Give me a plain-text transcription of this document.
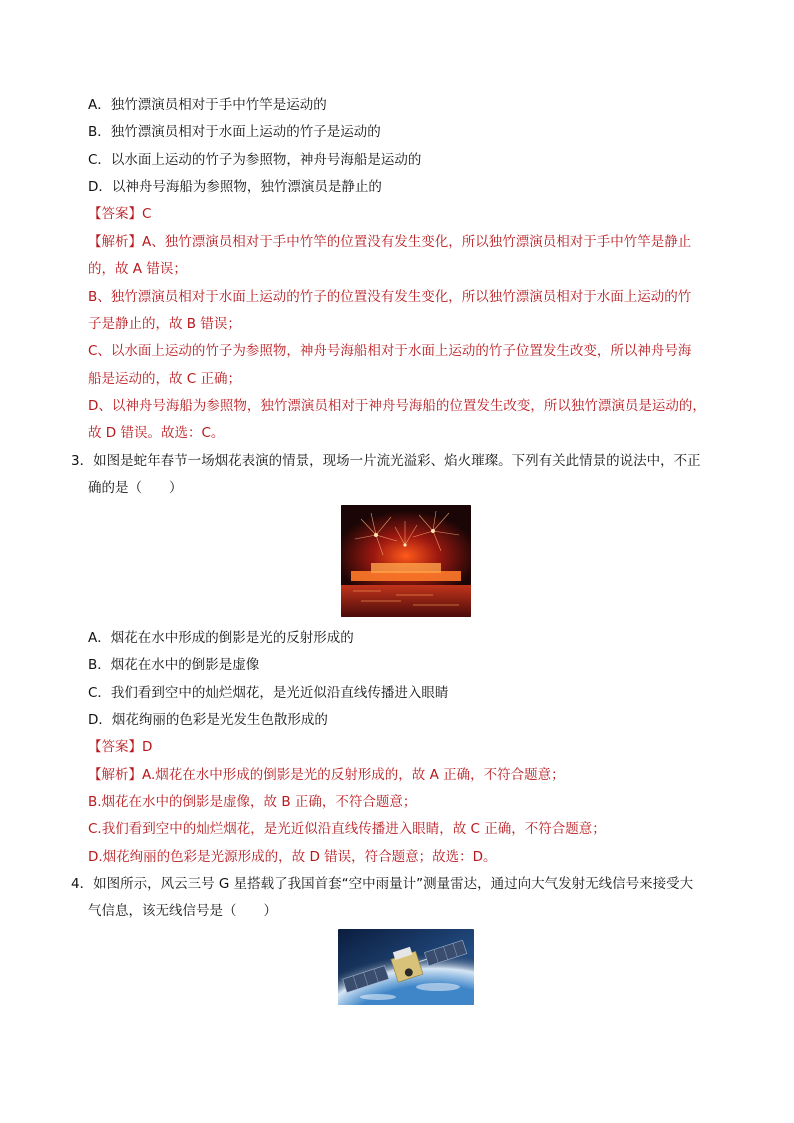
A．独竹漂演员相对于手中竹竿是运动的
B．独竹漂演员相对于水面上运动的竹子是运动的
C．以水面上运动的竹子为参照物，神舟号海船是运动的
D．以神舟号海船为参照物，独竹漂演员是静止的
【答案】C
【解析】A、独竹漂演员相对于手中竹竿的位置没有发生变化，所以独竹漂演员相对于手中竹竿是静止
的，故 A 错误；
B、独竹漂演员相对于水面上运动的竹子的位置没有发生变化，所以独竹漂演员相对于水面上运动的竹
子是静止的，故 B 错误；
C、以水面上运动的竹子为参照物，神舟号海船相对于水面上运动的竹子位置发生改变，所以神舟号海
船是运动的，故 C 正确；
D、以神舟号海船为参照物，独竹漂演员相对于神舟号海船的位置发生改变，所以独竹漂演员是运动的，
故 D 错误。故选：C。
3．如图是蛇年春节一场烟花表演的情景，现场一片流光溢彩、焰火璀璨。下列有关此情景的说法中，不正
确的是（　　）
A．烟花在水中形成的倒影是光的反射形成的
B．烟花在水中的倒影是虚像
C．我们看到空中的灿烂烟花，是光近似沿直线传播进入眼睛
D．烟花绚丽的色彩是光发生色散形成的
【答案】D
【解析】A.烟花在水中形成的倒影是光的反射形成的，故 A 正确，不符合题意；
B.烟花在水中的倒影是虚像，故 B 正确，不符合题意；
C.我们看到空中的灿烂烟花，是光近似沿直线传播进入眼睛，故 C 正确，不符合题意；
D.烟花绚丽的色彩是光源形成的，故 D 错误，符合题意；故选：D。
4．如图所示，风云三号 G 星搭载了我国首套“空中雨量计”测量雷达，通过向大气发射无线信号来接受大
气信息，该无线信号是（　　）
